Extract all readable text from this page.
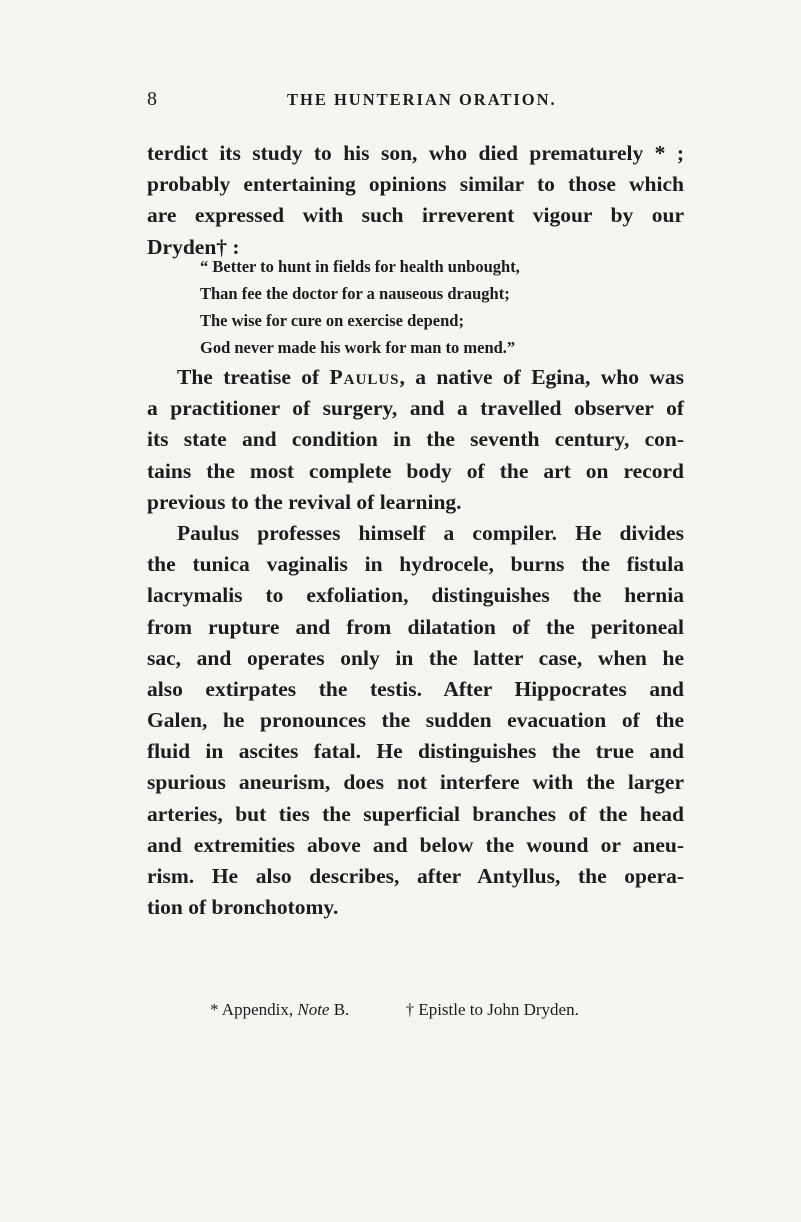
8	THE HUNTERIAN ORATION.
terdict its study to his son, who died prematurely * ;
probably entertaining opinions similar to those which
are expressed with such irreverent vigour by our
Dryden† :
“ Better to hunt in fields for health unbought,
Than fee the doctor for a nauseous draught;
The wise for cure on exercise depend;
God never made his work for man to mend.”
The treatise of Paulus, a native of Egina, who was
a practitioner of surgery, and a travelled observer of
its state and condition in the seventh century, con-
tains the most complete body of the art on record
previous to the revival of learning.
Paulus professes himself a compiler. He divides
the tunica vaginalis in hydrocele, burns the fistula
lacrymalis to exfoliation, distinguishes the hernia
from rupture and from dilatation of the peritoneal
sac, and operates only in the latter case, when he
also extirpates the testis. After Hippocrates and
Galen, he pronounces the sudden evacuation of the
fluid in ascites fatal. He distinguishes the true and
spurious aneurism, does not interfere with the larger
arteries, but ties the superficial branches of the head
and extremities above and below the wound or aneu-
rism. He also describes, after Antyllus, the opera-
tion of bronchotomy.
* Appendix, Note B.	† Epistle to John Dryden.
